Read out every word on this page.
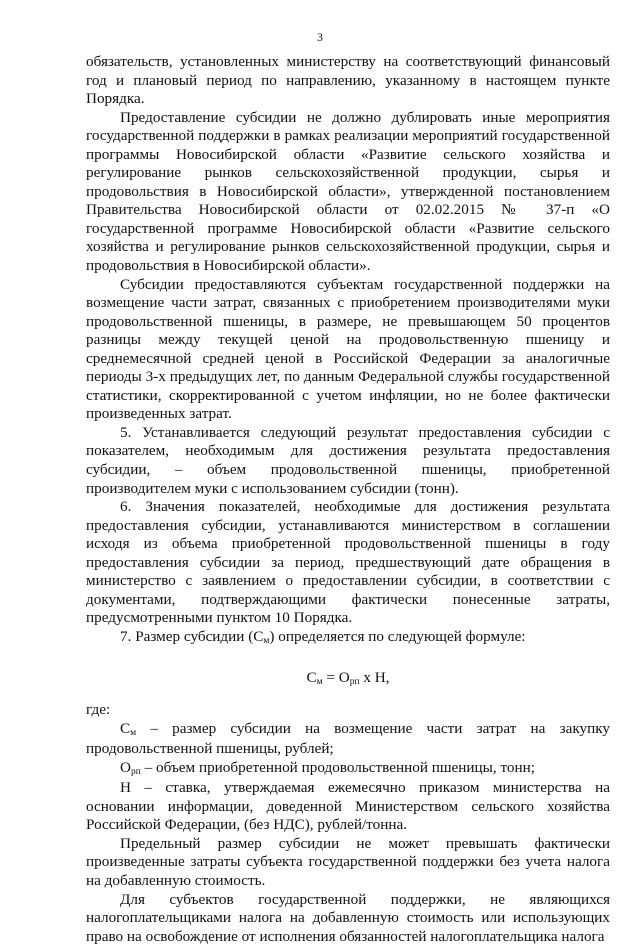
3

обязательств, установленных министерству на соответствующий финансовый год и плановый период по направлению, указанному в настоящем пункте Порядка.

Предоставление субсидии не должно дублировать иные мероприятия государственной поддержки в рамках реализации мероприятий государственной программы Новосибирской области «Развитие сельского хозяйства и регулирование рынков сельскохозяйственной продукции, сырья и продовольствия в Новосибирской области», утвержденной постановлением Правительства Новосибирской области от 02.02.2015 № 37-п «О государственной программе Новосибирской области «Развитие сельского хозяйства и регулирование рынков сельскохозяйственной продукции, сырья и продовольствия в Новосибирской области».

Субсидии предоставляются субъектам государственной поддержки на возмещение части затрат, связанных с приобретением производителями муки продовольственной пшеницы, в размере, не превышающем 50 процентов разницы между текущей ценой на продовольственную пшеницу и среднемесячной средней ценой в Российской Федерации за аналогичные периоды 3-х предыдущих лет, по данным Федеральной службы государственной статистики, скорректированной с учетом инфляции, но не более фактически произведенных затрат.

5. Устанавливается следующий результат предоставления субсидии с показателем, необходимым для достижения результата предоставления субсидии, – объем продовольственной пшеницы, приобретенной производителем муки с использованием субсидии (тонн).

6. Значения показателей, необходимые для достижения результата предоставления субсидии, устанавливаются министерством в соглашении исходя из объема приобретенной продовольственной пшеницы в году предоставления субсидии за период, предшествующий дате обращения в министерство с заявлением о предоставлении субсидии, в соответствии с документами, подтверждающими фактически понесенные затраты, предусмотренными пунктом 10 Порядка.

7. Размер субсидии (См) определяется по следующей формуле:

См = Орп х Н,

где:

См – размер субсидии на возмещение части затрат на закупку продовольственной пшеницы, рублей;

Орп – объем приобретенной продовольственной пшеницы, тонн;

Н – ставка, утверждаемая ежемесячно приказом министерства на основании информации, доведенной Министерством сельского хозяйства Российской Федерации, (без НДС), рублей/тонна.

Предельный размер субсидии не может превышать фактически произведенные затраты субъекта государственной поддержки без учета налога на добавленную стоимость.

Для субъектов государственной поддержки, не являющихся налогоплательщиками налога на добавленную стоимость или использующих право на освобождение от исполнения обязанностей налогоплательщика налога
